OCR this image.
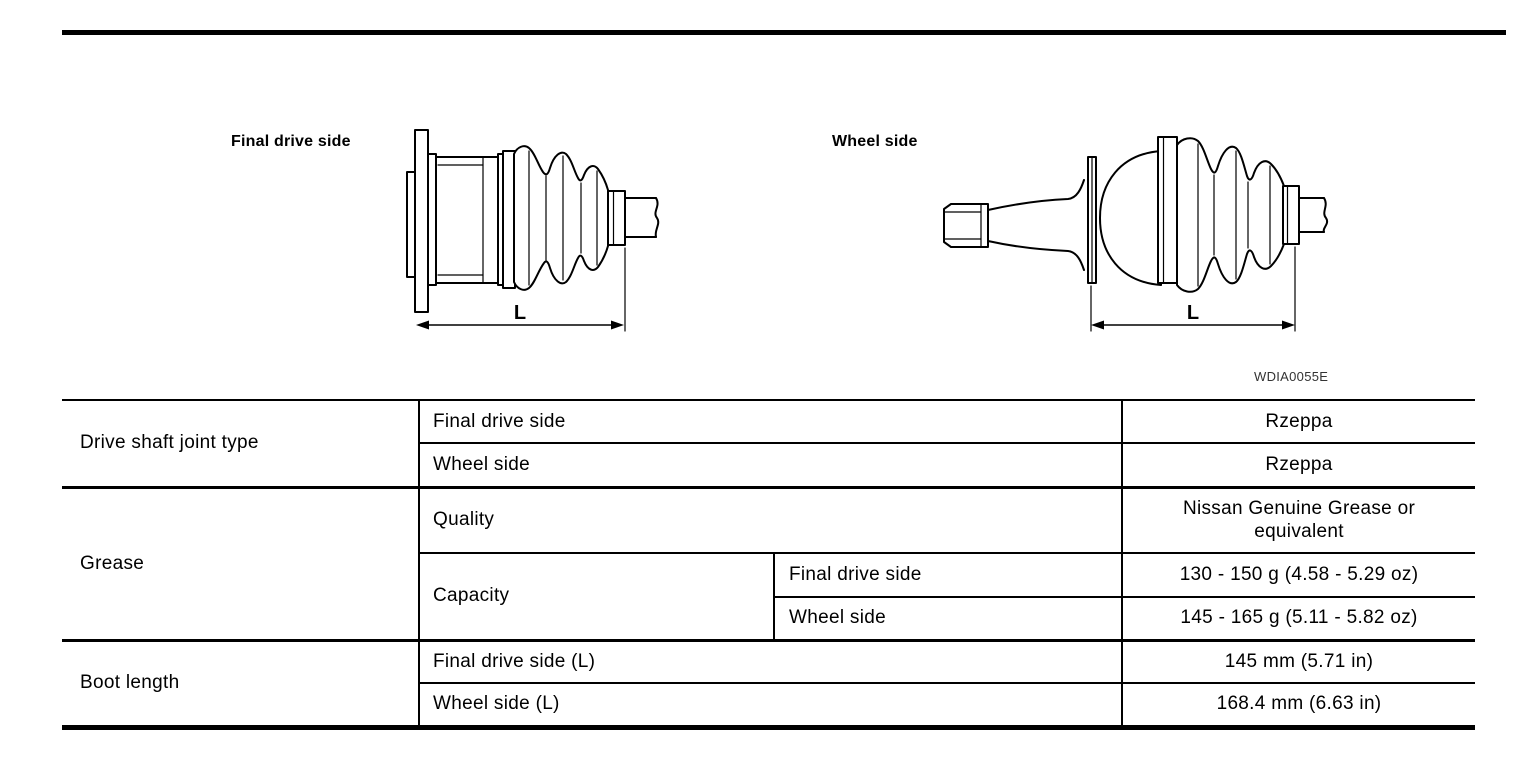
Final drive side	Wheel side
L	L
WDIA0055E
Drive shaft joint type	Final drive side		Rzeppa
	Wheel side		Rzeppa
Grease	Quality		Nissan Genuine Grease or equivalent
	Capacity	Final drive side	130 - 150 g (4.58 - 5.29 oz)
		Wheel side	145 - 165 g (5.11 - 5.82 oz)
Boot length	Final drive side (L)		145 mm (5.71 in)
	Wheel side (L)		168.4 mm (6.63 in)
